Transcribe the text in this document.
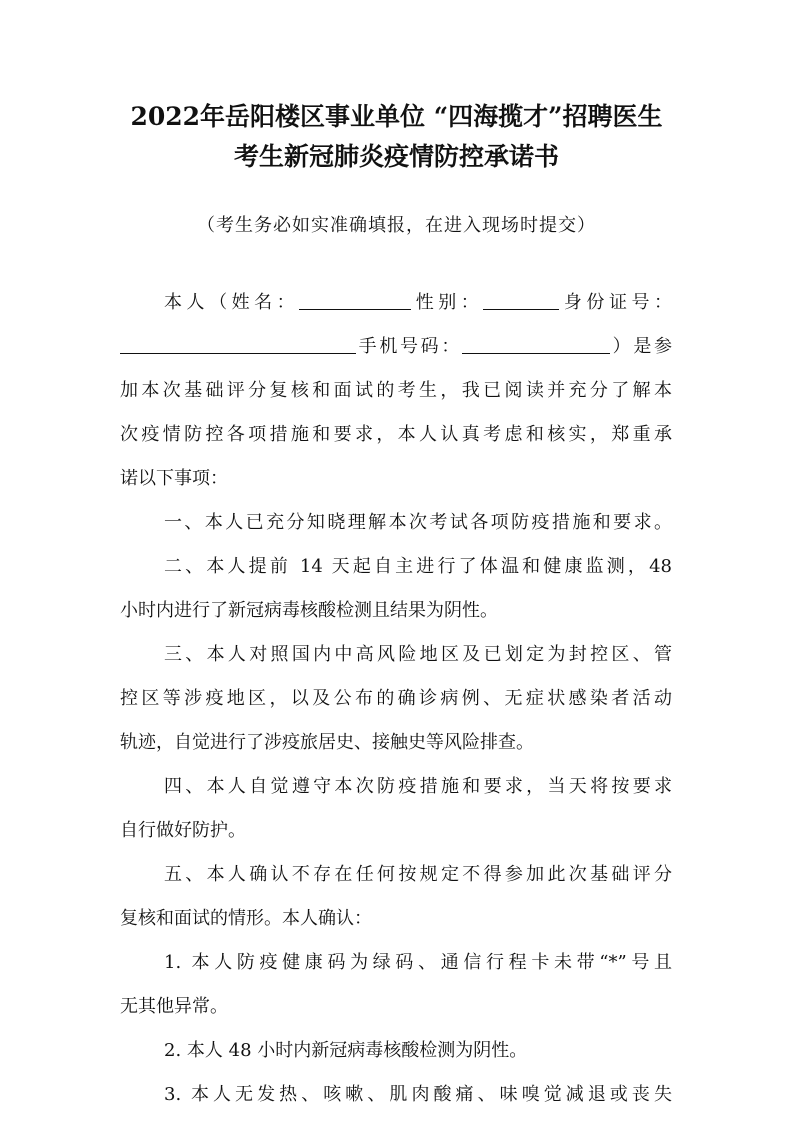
2022年岳阳楼区事业单位 “四海揽才”招聘医生
考生新冠肺炎疫情防控承诺书
（考生务必如实准确填报，在进入现场时提交）
本人（姓名：	性别：	身份证号：
手机号码：	）是参
加本次基础评分复核和面试的考生，我已阅读并充分了解本
次疫情防控各项措施和要求，本人认真考虑和核实，郑重承
诺以下事项：
一、本人已充分知晓理解本次考试各项防疫措施和要求。
二、本人提前 14 天起自主进行了体温和健康监测，48
小时内进行了新冠病毒核酸检测且结果为阴性。
三、本人对照国内中高风险地区及已划定为封控区、管
控区等涉疫地区，以及公布的确诊病例、无症状感染者活动
轨迹，自觉进行了涉疫旅居史、接触史等风险排查。
四、本人自觉遵守本次防疫措施和要求，当天将按要求
自行做好防护。
五、本人确认不存在任何按规定不得参加此次基础评分
复核和面试的情形。本人确认：
1. 本人防疫健康码为绿码、通信行程卡未带“*”号且
无其他异常。
2. 本人 48 小时内新冠病毒核酸检测为阴性。
3. 本人无发热、咳嗽、肌肉酸痛、味嗅觉减退或丧失
